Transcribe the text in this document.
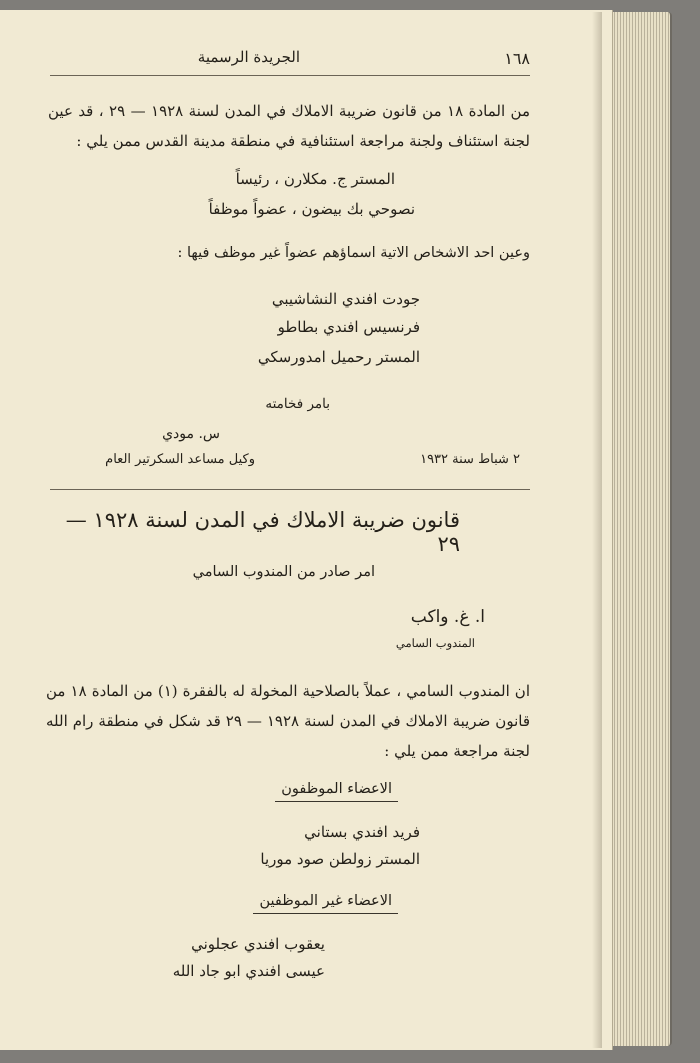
الجريدة الرسمية	١٦٨
من المادة ١٨ من قانون ضريبة الاملاك في المدن لسنة ١٩٢٨ — ٢٩ ، قد عين لجنة استئناف ولجنة مراجعة استئنافية في منطقة مدينة القدس ممن يلي :
المستر ج. مكلارن ، رئيساً
نصوحي بك بيضون ، عضواً موظفاً
وعين احد الاشخاص الاتية اسماؤهم عضواً غير موظف فيها :
جودت افندي النشاشيبي
فرنسيس افندي بطاطو
المستر رحميل امدورسكي
بامر فخامته
س. مودي
وكيل مساعد السكرتير العام	٢ شباط سنة ١٩٣٢
قانون ضريبة الاملاك في المدن لسنة ١٩٢٨ — ٢٩
امر صادر من المندوب السامي
ا. غ. واكب
المندوب السامي
ان المندوب السامي ، عملاً بالصلاحية المخولة له بالفقرة (١) من المادة ١٨ من قانون ضريبة الاملاك في المدن لسنة ١٩٢٨ — ٢٩ قد شكل في منطقة رام الله لجنة مراجعة ممن يلي :
الاعضاء الموظفون
فريد افندي بستاني
المستر زولطن صود موريا
الاعضاء غير الموظفين
يعقوب افندي عجلوني
عيسى افندي ابو جاد الله
